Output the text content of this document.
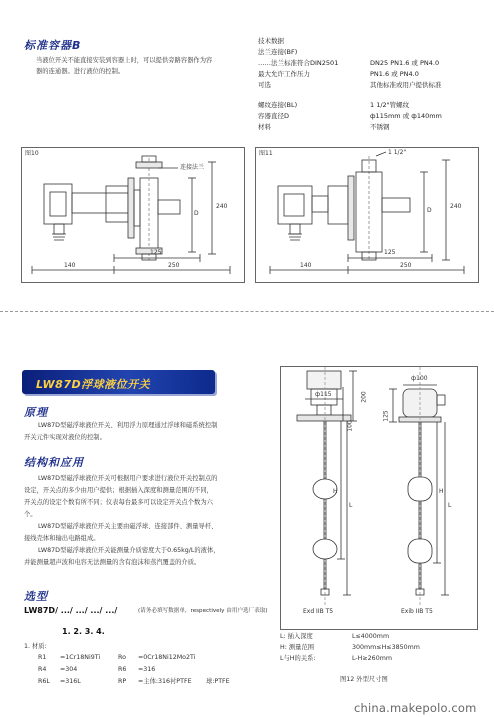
标准容器B
当液位开关不能直接安装到容器上时，可以提供旁路容器作为容
器的连通器。进行液位的控制。
技术数据
法兰连接(BF)
……法兰标准符合DIN2501	DN25 PN1.6 或 PN4.0
最大允许工作压力	PN1.6 或 PN4.0
可选	其他标准或用户提供标准
螺纹连接(BL)	1 1/2"管螺纹
容器直径D	ф115mm 或 ф140mm
材料	不锈钢
图10
连接法兰
D
240
125
140	250
图11	1 1/2"
D
240
125
140	250
LW87D浮球液位开关
原理
LW87D型磁浮球液位开关、利用浮力原理通过浮球和磁系统控制
开关元件实现对液位的控制。
结构和应用
LW87D型磁浮球液位开关可根据用户要求进行液位开关控制点的
设定，开关点的多少由用户提供；根据插入深度和测量范围的不同，
开关点的设定个数有所不同；仪表每台最多可以设定开关点个数为六
个。
LW87D型磁浮球液位开关主要由磁浮球、连接部件、测量导杆、
接线壳体和输出电路组成。
LW87D型磁浮球液位开关能测量介质密度大于0.65kg/L的液体，
并能测量超声波和电容无法测量的含有泡沫和蒸汽覆盖的介质。
选型
LW87D/ .../ .../ .../ .../	(请务必填写数据单，respectively 由用户选厂表取)
1. 2. 3. 4.
1. 材质:
R1 =1Cr18Ni9Ti	Ro =0Cr18Ni12Mo2Ti
R4 =304	R6 =316
R6L =316L	RP =主体:316衬PTFE 球:PTFE
ф115	200
100
ф100
125
H
L
H
L
Exd IIB T5	Exib IIB T5
L: 插入深度	L≤4000mm
H: 测量范围	300mm≤H≤3850mm
L与H的关系:	L-H≥260mm
图12 外型尺寸图
china.makepolo.com
